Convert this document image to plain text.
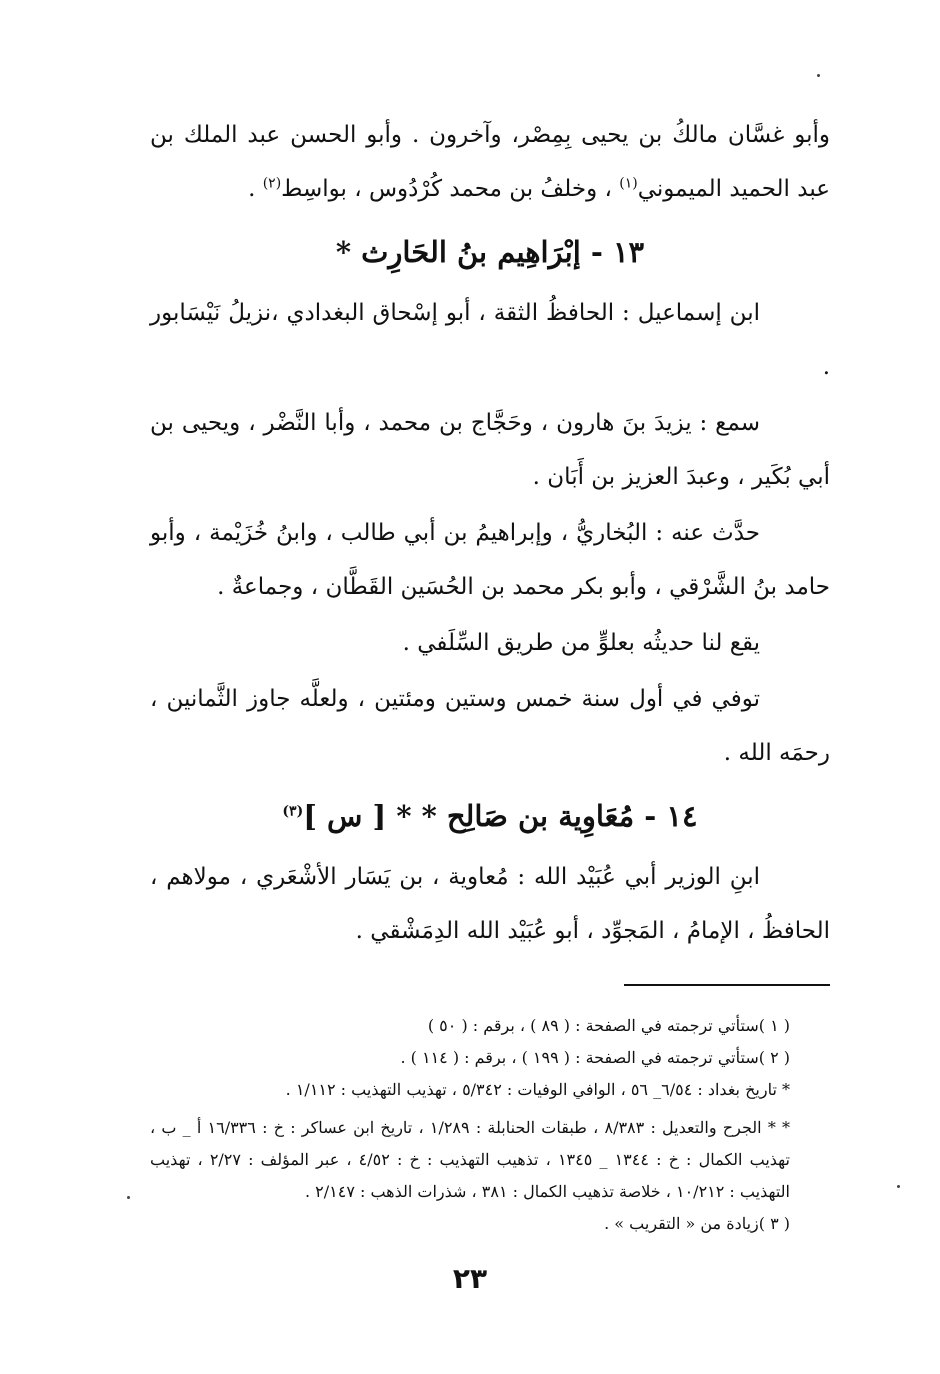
وأبو غسَّان مالكُ بن يحيى بِمِصْر، وآخرون . وأبو الحسن عبد الملك بن عبد الحميد الميموني$^{(١)}$ ، وخلفُ بن محمد كُرْدُوس ، بواسِط$^{(٢)}$ .

١٣ - إبْرَاهِيم بنُ الحَارِث *

ابن إسماعيل : الحافظُ الثقة ، أبو إسْحاق البغدادي ،نزيلُ نَيْسَابور .

سمع : يزيدَ بنَ هارون ، وحَجَّاج بن محمد ، وأبا النَّضْر ، ويحيى بن أبي بُكَير ، وعبدَ العزيز بن أَبَان .

حدَّث عنه : البُخاريُّ ، وإبراهيمُ بن أبي طالب ، وابنُ خُزَيْمة ، وأبو حامد بنُ الشَّرْقي ، وأبو بكر محمد بن الحُسَين القَطَّان ، وجماعةٌ .

يقع لنا حديثُه بعلوٍّ من طريق السِّلَفي .

توفي في أول سنة خمس وستين ومئتين ، ولعلَّه جاوز الثَّمانين ، رحمَه الله .

١٤ - مُعَاوِية بن صَالِح * * [ س ]$^{(٣)}$

ابنِ الوزير أبي عُبَيْد الله : مُعاوية ، بن يَسَار الأشْعَري ، مولاهم ، الحافظُ ، الإمامُ ، المَجوِّد ، أبو عُبَيْد الله الدِمَشْقي .

( ١ )ستأتي ترجمته في الصفحة : ( ٨٩ ) ، برقم : ( ٥٠ )

( ٢ )ستأتي ترجمته في الصفحة : ( ١٩٩ ) ، برقم : ( ١١٤ ) .

* تاريخ بغداد : ٦/٥٤_ ٥٦ ، الوافي الوفيات : ٥/٣٤٢ ، تهذيب التهذيب : ١/١١٢ .

* * الجرح والتعديل : ٨/٣٨٣ ، طبقات الحنابلة : ١/٢٨٩ ، تاريخ ابن عساكر : خ : ١٦/٣٣٦ أ _ ب ، تهذيب الكمال : خ : ١٣٤٤ _ ١٣٤٥ ، تذهيب التهذيب : خ : ٤/٥٢ ، عبر المؤلف : ٢/٢٧ ، تهذيب التهذيب : ١٠/٢١٢ ، خلاصة تذهيب الكمال : ٣٨١ ، شذرات الذهب : ٢/١٤٧ .

( ٣ )زيادة من « التقريب » .

٢٣
